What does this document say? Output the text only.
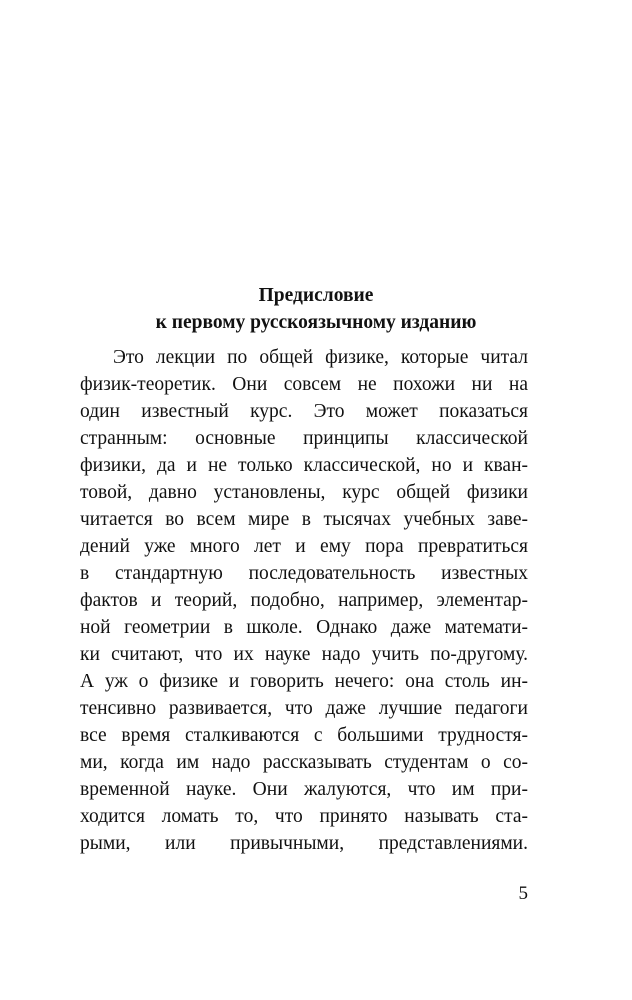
Предисловие
к первому русскоязычному изданию
Это лекции по общей физике, которые читал
физик-теоретик. Они совсем не похожи ни на
один известный курс. Это может показаться
странным: основные принципы классической
физики, да и не только классической, но и кван-
товой, давно установлены, курс общей физики
читается во всем мире в тысячах учебных заве-
дений уже много лет и ему пора превратиться
в стандартную последовательность известных
фактов и теорий, подобно, например, элементар-
ной геометрии в школе. Однако даже математи-
ки считают, что их науке надо учить по-другому.
А уж о физике и говорить нечего: она столь ин-
тенсивно развивается, что даже лучшие педагоги
все время сталкиваются с большими трудностя-
ми, когда им надо рассказывать студентам о со-
временной науке. Они жалуются, что им при-
ходится ломать то, что принято называть ста-
рыми, или привычными, представлениями.
5
